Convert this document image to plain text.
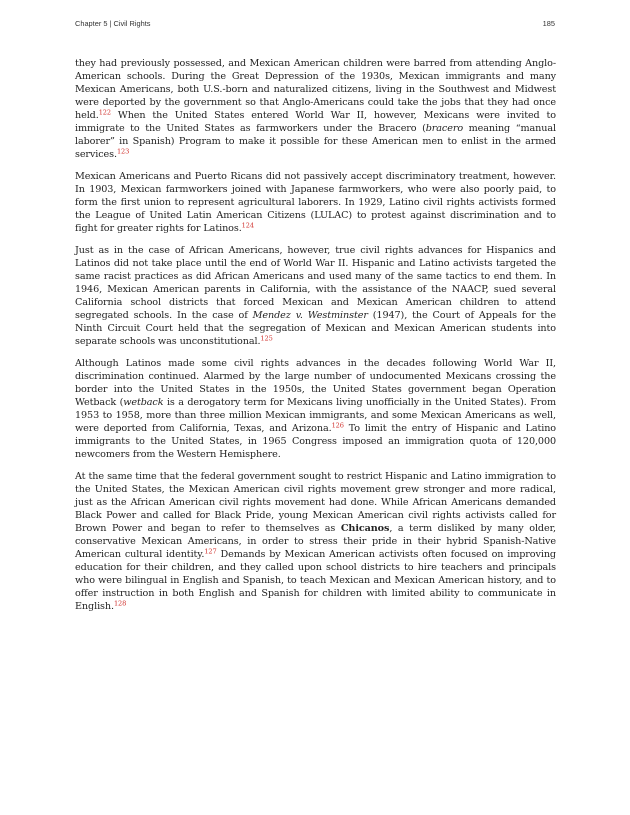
Chapter 5 | Civil Rights	185

they had previously possessed, and Mexican American children were barred from attending Anglo-American schools. During the Great Depression of the 1930s, Mexican immigrants and many Mexican Americans, both U.S.-born and naturalized citizens, living in the Southwest and Midwest were deported by the government so that Anglo-Americans could take the jobs that they had once held.$^{122}$ When the United States entered World War II, however, Mexicans were invited to immigrate to the United States as farmworkers under the Bracero (bracero meaning “manual laborer” in Spanish) Program to make it possible for these American men to enlist in the armed services.$^{123}$

Mexican Americans and Puerto Ricans did not passively accept discriminatory treatment, however. In 1903, Mexican farmworkers joined with Japanese farmworkers, who were also poorly paid, to form the first union to represent agricultural laborers. In 1929, Latino civil rights activists formed the League of United Latin American Citizens (LULAC) to protest against discrimination and to fight for greater rights for Latinos.$^{124}$

Just as in the case of African Americans, however, true civil rights advances for Hispanics and Latinos did not take place until the end of World War II. Hispanic and Latino activists targeted the same racist practices as did African Americans and used many of the same tactics to end them. In 1946, Mexican American parents in California, with the assistance of the NAACP, sued several California school districts that forced Mexican and Mexican American children to attend segregated schools. In the case of Mendez v. Westminster (1947), the Court of Appeals for the Ninth Circuit Court held that the segregation of Mexican and Mexican American students into separate schools was unconstitutional.$^{125}$

Although Latinos made some civil rights advances in the decades following World War II, discrimination continued. Alarmed by the large number of undocumented Mexicans crossing the border into the United States in the 1950s, the United States government began Operation Wetback (wetback is a derogatory term for Mexicans living unofficially in the United States). From 1953 to 1958, more than three million Mexican immigrants, and some Mexican Americans as well, were deported from California, Texas, and Arizona.$^{126}$ To limit the entry of Hispanic and Latino immigrants to the United States, in 1965 Congress imposed an immigration quota of 120,000 newcomers from the Western Hemisphere.

At the same time that the federal government sought to restrict Hispanic and Latino immigration to the United States, the Mexican American civil rights movement grew stronger and more radical, just as the African American civil rights movement had done. While African Americans demanded Black Power and called for Black Pride, young Mexican American civil rights activists called for Brown Power and began to refer to themselves as Chicanos, a term disliked by many older, conservative Mexican Americans, in order to stress their pride in their hybrid Spanish-Native American cultural identity.$^{127}$ Demands by Mexican American activists often focused on improving education for their children, and they called upon school districts to hire teachers and principals who were bilingual in English and Spanish, to teach Mexican and Mexican American history, and to offer instruction in both English and Spanish for children with limited ability to communicate in English.$^{128}$
